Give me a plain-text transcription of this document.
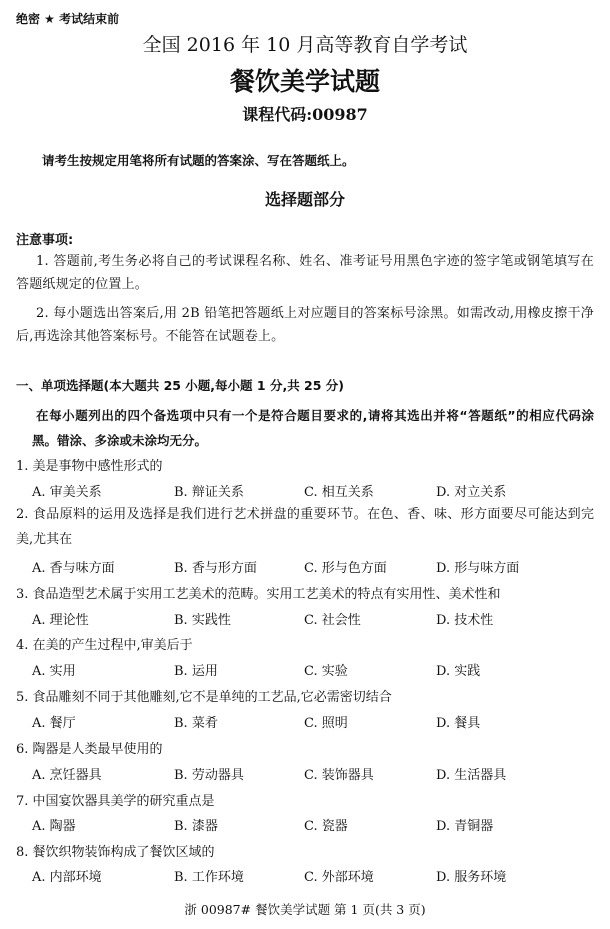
绝密 ★ 考试结束前
全国 2016 年 10 月高等教育自学考试
餐饮美学试题
课程代码:00987
请考生按规定用笔将所有试题的答案涂、写在答题纸上。
选择题部分
注意事项:
1. 答题前,考生务必将自己的考试课程名称、姓名、准考证号用黑色字迹的签字笔或钢笔填写在答题纸规定的位置上。
2. 每小题选出答案后,用 2B 铅笔把答题纸上对应题目的答案标号涂黑。如需改动,用橡皮擦干净后,再选涂其他答案标号。不能答在试题卷上。
一、单项选择题(本大题共 25 小题,每小题 1 分,共 25 分)
在每小题列出的四个备选项中只有一个是符合题目要求的,请将其选出并将“答题纸”的相应代码涂黑。错涂、多涂或未涂均无分。
1. 美是事物中感性形式的
A. 审美关系	B. 辩证关系	C. 相互关系	D. 对立关系
2. 食品原料的运用及选择是我们进行艺术拼盘的重要环节。在色、香、味、形方面要尽可能达到完美,尤其在
A. 香与味方面	B. 香与形方面	C. 形与色方面	D. 形与味方面
3. 食品造型艺术属于实用工艺美术的范畴。实用工艺美术的特点有实用性、美术性和
A. 理论性	B. 实践性	C. 社会性	D. 技术性
4. 在美的产生过程中,审美后于
A. 实用	B. 运用	C. 实验	D. 实践
5. 食品雕刻不同于其他雕刻,它不是单纯的工艺品,它必需密切结合
A. 餐厅	B. 菜肴	C. 照明	D. 餐具
6. 陶器是人类最早使用的
A. 烹饪器具	B. 劳动器具	C. 装饰器具	D. 生活器具
7. 中国宴饮器具美学的研究重点是
A. 陶器	B. 漆器	C. 瓷器	D. 青铜器
8. 餐饮织物装饰构成了餐饮区域的
A. 内部环境	B. 工作环境	C. 外部环境	D. 服务环境
浙 00987# 餐饮美学试题 第 1 页(共 3 页)
